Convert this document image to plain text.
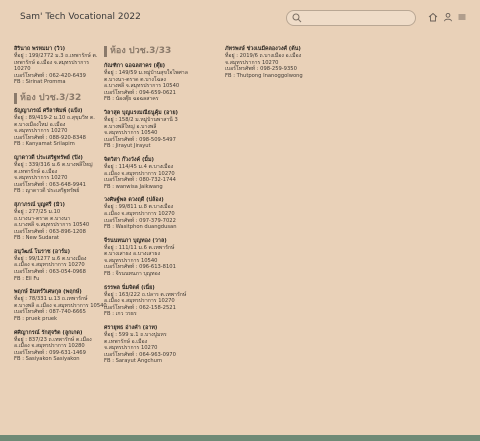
Sam' Tech Vocational 2022
สิรินาถ พรหมมา (วิว)
ที่อยู่ : 199/2772 ม.3 ถ.เทพารักษ์ ต.
เทพารักษ์ อ.เมือง จ.สมุทรปราการ
10270
เบอร์โทรศัพท์ : 062-420-6439
FB : Sirinat Promma
ห้อง ปวช.3/32
ธัญญาภรณ์ ศรีลาพิมพ์ (แป้ง)
ที่อยู่ : 89/419-2 ม.10 ถ.สุขุมวิท ต.
ต.บางเมืองใหม่ อ.เมือง
จ.สมุทรปราการ 10270
เบอร์โทรศัพท์ : 088-920-8348
FB : Kanyamat Srilapim
ญาดาวดี ประเสริฐทรัพย์ (ปิง)
ที่อยู่ : 339/316 ม.6 ต.บางพลีใหญ่
ต.เทพารักษ์ อ.เมือง
จ.สมุทรปราการ 10270
เบอร์โทรศัพท์ : 063-648-9941
FB : ญาดาวดี ประเสริฐทรัพย์
สุภาภรณ์ บุญศรี (มิว)
ที่อยู่ : 277/25 ม.10
ถ.บางนา-ตราด ต.บางนา
อ.บางพลี จ.สมุทรปราการ 10540
เบอร์โทรศัพท์ : 063-896-1208
FB : New Sudarat
อนุวัฒน์ โนราช (อาร์ม)
ที่อยู่ : 99/1277 ม.6 ต.บางเมือง
อ.เมือง จ.สมุทรปราการ 10270
เบอร์โทรศัพท์ : 063-054-0968
FB : Ell Fu
พฤกษ์ อินทร์วิเศษกุล (พฤกษ์)
ที่อยู่ : 78/331 ม.13 ถ.เทพารักษ์
ต.บางพลี อ.เมือง จ.สมุทรปราการ 10540
เบอร์โทรศัพท์ : 087-740-6665
FB : pruek pruek
ศศิญากรณ์ รักสุจริต (ลูกเกด)
ที่อยู่ : 837/23 ถ.เทพารักษ์ ต.เมือง
อ.เมือง จ.สมุทรปราการ 10280
เบอร์โทรศัพท์ : 099-631-1469
FB : Sasiyakon Sasiyakon
ห้อง ปวช.3/33
กัณฑิกา ฉอฉลสาคร (ตุ๊ย)
ที่อยู่ : 149/59 ม.หมู่บ้านสุขใจไพศาล
ต.บางนา-ตราด ต.บางโฉลง
อ.บางพลี จ.สมุทรปราการ 10540
เบอร์โทรศัพท์ : 094-659-0621
FB : น้องตุ๊ย ฉอฉลสาคร
วิลาสุด บุญแรงมณีธนูคุ้ม (อาย)
ที่อยู่ : 158/2 ม.หมู่บ้านพาสานี 3
ต.บางพลีใหญ่ อ.บางพลี
จ.สมุทรปราการ 10540
เบอร์โทรศัพท์ : 098-509-5497
FB : Jirayut Jirayut
จิตวิสา ก๊วงวังค์ (มิ้ม)
ที่อยู่ : 114/45 ม.4 ต.บางเมือง
อ.เมือง จ.สมุทรปราการ 10270
เบอร์โทรศัพท์ : 080-732-1744
FB : wanwisa Jaikwang
วงศิษฐ์พล ดวงฤดี (ปล้อง)
ที่อยู่ : 99/811 ม.8 ต.บางเมือง
อ.เมือง จ.สมุทรปราการ 10270
เบอร์โทรศัพท์ : 097-379-7022
FB : Wasitphon duangdusan
จีรนนทนภา บุญทอง (วาล)
ที่อยู่ : 111/11 ม.6 ต.เทพารักษ์
ต.บางเสาธง อ.บางเสาธง
จ.สมุทรปราการ 10540
เบอร์โทรศัพท์ : 096-613-8101
FB : จีรนนทนภา บุญทอง
ธรรพล นิ่มจิตต์ (เนี่ย)
ที่อยู่ : 163/222 ถ.ปลาร ต.เทพารักษ์
อ.เมือง จ.สมุทรปราการ 10270
เบอร์โทรศัพท์ : 062-158-2521
FB : เกว วรธร
ศรายุทธ อ่างคำ (อาท)
ที่อยู่ : 599 ม.1 ถ.บางปูมหร
ต.เทพารักษ์ อ.เมือง
จ.สมุทรปราการ 10270
เบอร์โทรศัพท์ : 064-963-0970
FB : Sarayut Angchum
ภัทรพงษ์ ช่วงเนมีคลองวงศ์ (ต้น)
ที่อยู่ : 2019/6 ถ.บางเมือง อ.เมือง
จ.สมุทรปราการ 10270
เบอร์โทรศัพท์ : 098-259-9350
FB : Thutpong Inanoggolwong
